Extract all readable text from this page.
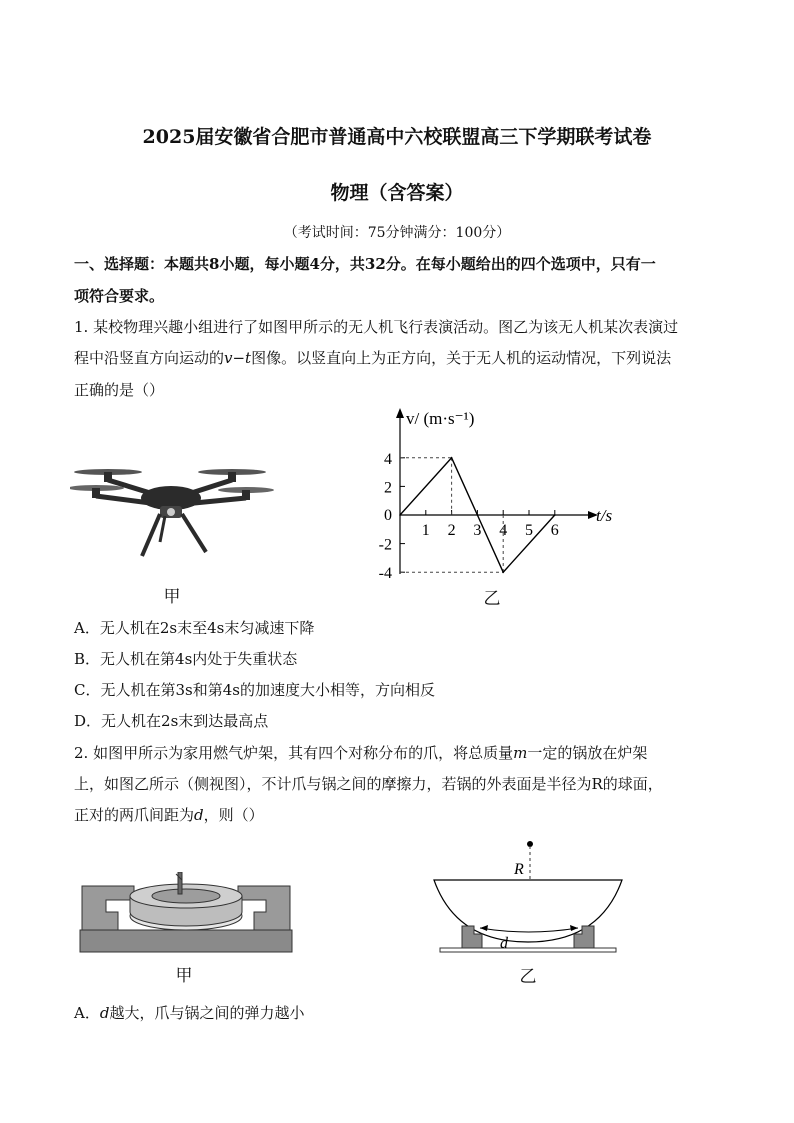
2025届安徽省合肥市普通高中六校联盟高三下学期联考试卷
物理（含答案）
（考试时间：75分钟满分：100分）
一、选择题：本题共8小题，每小题4分，共32分。在每小题给出的四个选项中，只有一
项符合要求。
1. 某校物理兴趣小组进行了如图甲所示的无人机飞行表演活动。图乙为该无人机某次表演过
程中沿竖直方向运动的v−t图像。以竖直向上为正方向，关于无人机的运动情况，下列说法
正确的是（）
甲
v/ (m·s⁻¹)
t/s
0
1 2 3 4 5 6
4
2
-2
-4
乙
A．无人机在2s末至4s末匀减速下降
B．无人机在第4s内处于失重状态
C．无人机在第3s和第4s的加速度大小相等，方向相反
D．无人机在2s末到达最高点
2. 如图甲所示为家用燃气炉架，其有四个对称分布的爪，将总质量m一定的锅放在炉架
上，如图乙所示（侧视图），不计爪与锅之间的摩擦力，若锅的外表面是半径为R的球面，
正对的两爪间距为d，则（）
甲
R
d
乙
A．d越大，爪与锅之间的弹力越小
